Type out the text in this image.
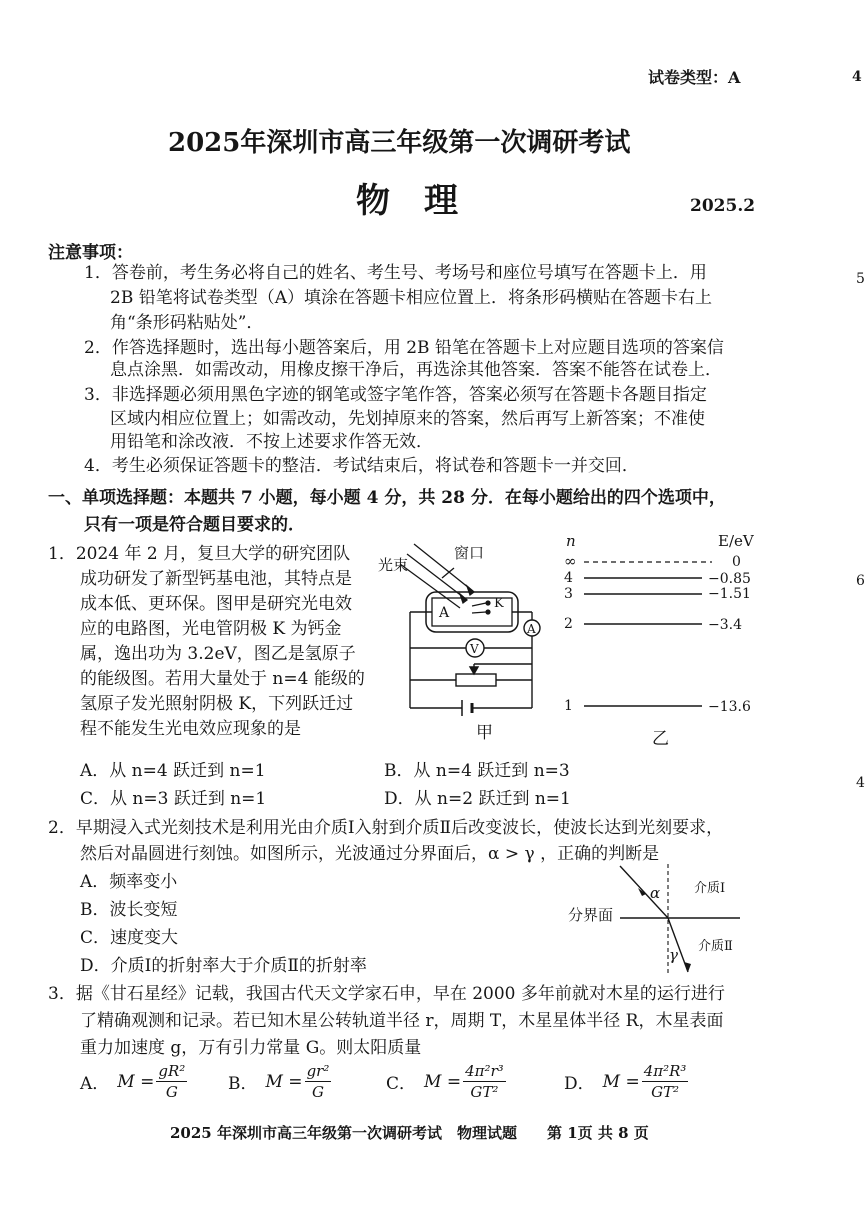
试卷类型：A	4
2025年深圳市高三年级第一次调研考试
物　理	2025.2
注意事项：
1．答卷前，考生务必将自己的姓名、考生号、考场号和座位号填写在答题卡上．用	5
2B 铅笔将试卷类型（A）填涂在答题卡相应位置上．将条形码横贴在答题卡右上
角“条形码粘贴处”．
2．作答选择题时，选出每小题答案后，用 2B 铅笔在答题卡上对应题目选项的答案信
息点涂黑．如需改动，用橡皮擦干净后，再选涂其他答案．答案不能答在试卷上．
3．非选择题必须用黑色字迹的钢笔或签字笔作答，答案必须写在答题卡各题目指定
区域内相应位置上；如需改动，先划掉原来的答案，然后再写上新答案；不准使
用铅笔和涂改液．不按上述要求作答无效．
4．考生必须保证答题卡的整洁．考试结束后，将试卷和答题卡一并交回．
一、单项选择题：本题共 7 小题，每小题 4 分，共 28 分．在每小题给出的四个选项中，
只有一项是符合题目要求的．
1．2024 年 2 月，复旦大学的研究团队
成功研发了新型钙基电池，其特点是	6
成本低、更环保。图甲是研究光电效
应的电路图，光电管阴极 K 为钙金
属，逸出功为 3.2eV，图乙是氢原子
的能级图。若用大量处于 n=4 能级的
氢原子发光照射阴极 K，下列跃迁过
程不能发生光电效应现象的是
A．从 n=4 跃迁到 n=1	B．从 n=4 跃迁到 n=3
C．从 n=3 跃迁到 n=1	D．从 n=2 跃迁到 n=1
4
光束
窗口
A
K
A
V
甲
n	E/eV
∞	0
4	−0.85
3	−1.51
2	−3.4
1	−13.6
乙
2．早期浸入式光刻技术是利用光由介质Ⅰ入射到介质Ⅱ后改变波长，使波长达到光刻要求，
然后对晶圆进行刻蚀。如图所示，光波通过分界面后，α > γ ，正确的判断是
A．频率变小
B．波长变短
C．速度变大
D．介质Ⅰ的折射率大于介质Ⅱ的折射率
分界面
α
γ
介质Ⅰ
介质Ⅱ
3．据《甘石星经》记载，我国古代天文学家石申，早在 2000 多年前就对木星的运行进行
了精确观测和记录。若已知木星公转轨道半径 r，周期 T，木星星体半径 R，木星表面
重力加速度 g，万有引力常量 G。则太阳质量
A． $M = \frac{\text{gR²}}{G}$ B． $M = \frac{\text{gr²}}{G}$	C． $M = \frac{\text{4π²r³}}{\text{GT²}}$	D． $M = \frac{\text{4π²R³}}{\text{GT²}}$
2025 年深圳市高三年级第一次调研考试　物理试题　　第 1页 共 8 页
